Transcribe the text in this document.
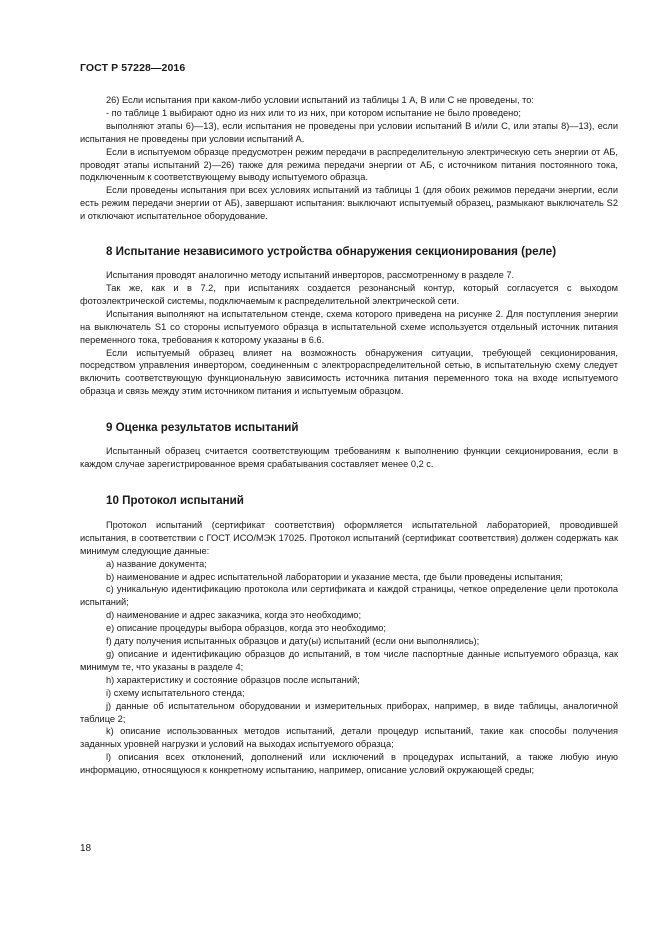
ГОСТ Р 57228—2016

26) Если испытания при каком-либо условии испытаний из таблицы 1 A, B или C не проведены, то:

- по таблице 1 выбирают одно из них или то из них, при котором испытание не было проведено;

выполняют этапы 6)—13), если испытания не проведены при условии испытаний B и/или C, или этапы 8)—13), если испытания не проведены при условии испытаний A.

Если в испытуемом образце предусмотрен режим передачи в распределительную электрическую сеть энергии от АБ, проводят этапы испытаний 2)—26) также для режима передачи энергии от АБ, с источником питания постоянного тока, подключенным к соответствующему выводу испытуемого образца.

Если проведены испытания при всех условиях испытаний из таблицы 1 (для обоих режимов передачи энергии, если есть режим передачи энергии от АБ), завершают испытания: выключают испытуемый образец, размыкают выключатель S2 и отключают испытательное оборудование.

8 Испытание независимого устройства обнаружения секционирования (реле)

Испытания проводят аналогично методу испытаний инверторов, рассмотренному в разделе 7.

Так же, как и в 7.2, при испытаниях создается резонансный контур, который согласуется с выходом фотоэлектрической системы, подключаемым к распределительной электрической сети.

Испытания выполняют на испытательном стенде, схема которого приведена на рисунке 2. Для поступления энергии на выключатель S1 со стороны испытуемого образца в испытательной схеме используется отдельный источник питания переменного тока, требования к которому указаны в 6.6.

Если испытуемый образец влияет на возможность обнаружения ситуации, требующей секционирования, посредством управления инвертором, соединенным с электрораспределительной сетью, в испытательную схему следует включить соответствующую функциональную зависимость источника питания переменного тока на входе испытуемого образца и связь между этим источником питания и испытуемым образцом.

9 Оценка результатов испытаний

Испытанный образец считается соответствующим требованиям к выполнению функции секционирования, если в каждом случае зарегистрированное время срабатывания составляет менее 0,2 с.

10 Протокол испытаний

Протокол испытаний (сертификат соответствия) оформляется испытательной лабораторией, проводившей испытания, в соответствии с ГОСТ ИСО/МЭК 17025. Протокол испытаний (сертификат соответствия) должен содержать как минимум следующие данные:

а) название документа;

b) наименование и адрес испытательной лаборатории и указание места, где были проведены испытания;

c) уникальную идентификацию протокола или сертификата и каждой страницы, четкое определение цели протокола испытаний;

d) наименование и адрес заказчика, когда это необходимо;

e) описание процедуры выбора образцов, когда это необходимо;

f) дату получения испытанных образцов и дату(ы) испытаний (если они выполнялись);

g) описание и идентификацию образцов до испытаний, в том числе паспортные данные испытуемого образца, как минимум те, что указаны в разделе 4;

h) характеристику и состояние образцов после испытаний;

i) схему испытательного стенда;

j) данные об испытательном оборудовании и измерительных приборах, например, в виде таблицы, аналогичной таблице 2;

k) описание использованных методов испытаний, детали процедур испытаний, такие как способы получения заданных уровней нагрузки и условий на выходах испытуемого образца;

l) описания всех отклонений, дополнений или исключений в процедурах испытаний, а также любую иную информацию, относящуюся к конкретному испытанию, например, описание условий окружающей среды;

18
